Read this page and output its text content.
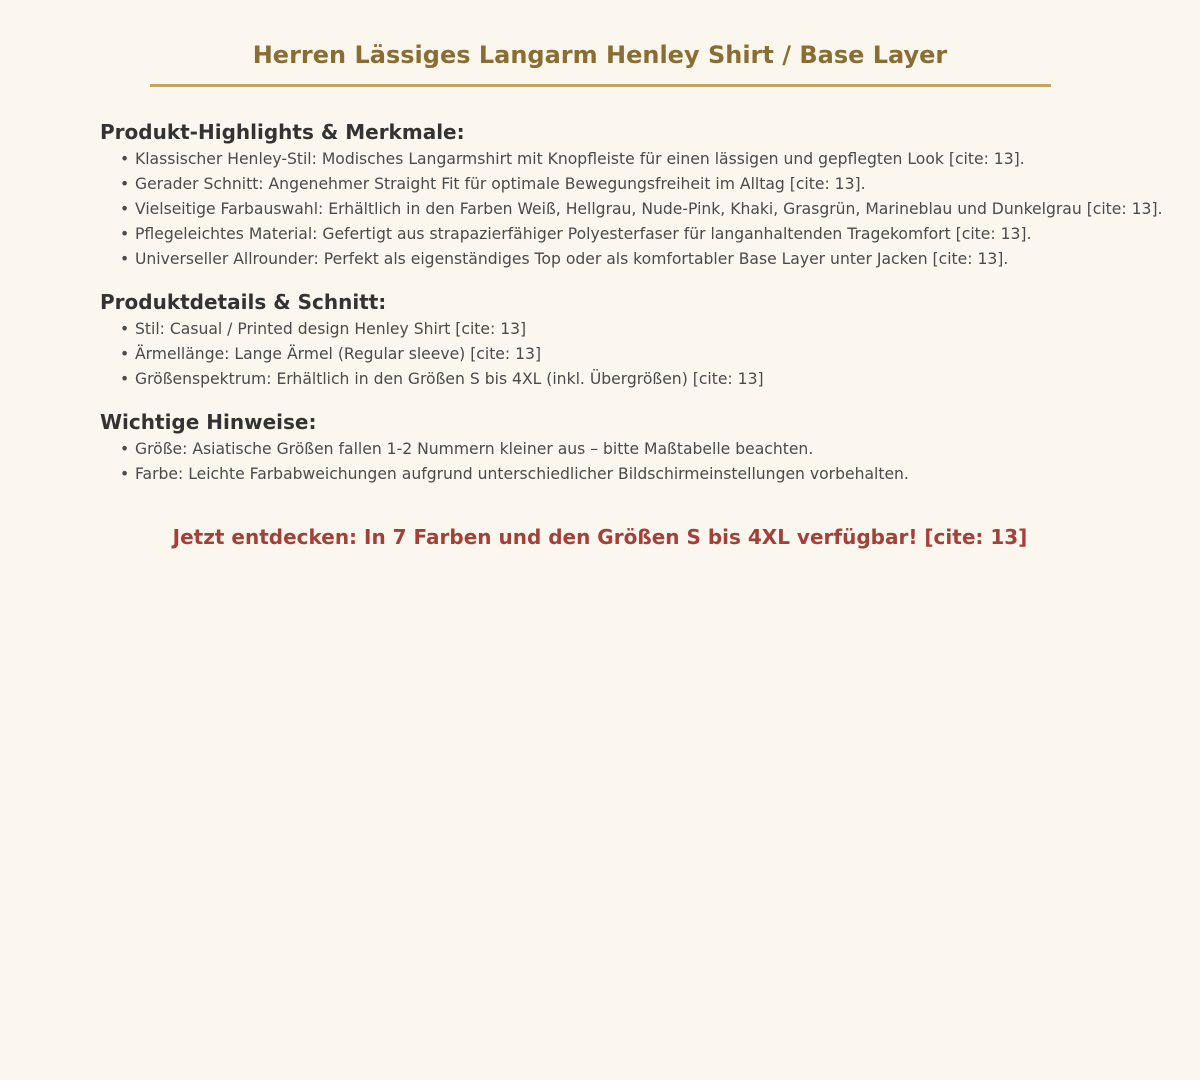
Herren Lässiges Langarm Henley Shirt / Base Layer
Produkt-Highlights & Merkmale:
• Klassischer Henley-Stil: Modisches Langarmshirt mit Knopfleiste für einen lässigen und gepflegten Look [cite: 13].
• Gerader Schnitt: Angenehmer Straight Fit für optimale Bewegungsfreiheit im Alltag [cite: 13].
• Vielseitige Farbauswahl: Erhältlich in den Farben Weiß, Hellgrau, Nude-Pink, Khaki, Grasgrün, Marineblau und Dunkelgrau [cite: 13].
• Pflegeleichtes Material: Gefertigt aus strapazierfähiger Polyesterfaser für langanhaltenden Tragekomfort [cite: 13].
• Universeller Allrounder: Perfekt als eigenständiges Top oder als komfortabler Base Layer unter Jacken [cite: 13].
Produktdetails & Schnitt:
• Stil: Casual / Printed design Henley Shirt [cite: 13]
• Ärmellänge: Lange Ärmel (Regular sleeve) [cite: 13]
• Größenspektrum: Erhältlich in den Größen S bis 4XL (inkl. Übergrößen) [cite: 13]
Wichtige Hinweise:
• Größe: Asiatische Größen fallen 1-2 Nummern kleiner aus – bitte Maßtabelle beachten.
• Farbe: Leichte Farbabweichungen aufgrund unterschiedlicher Bildschirmeinstellungen vorbehalten.

Jetzt entdecken: In 7 Farben und den Größen S bis 4XL verfügbar! [cite: 13]
